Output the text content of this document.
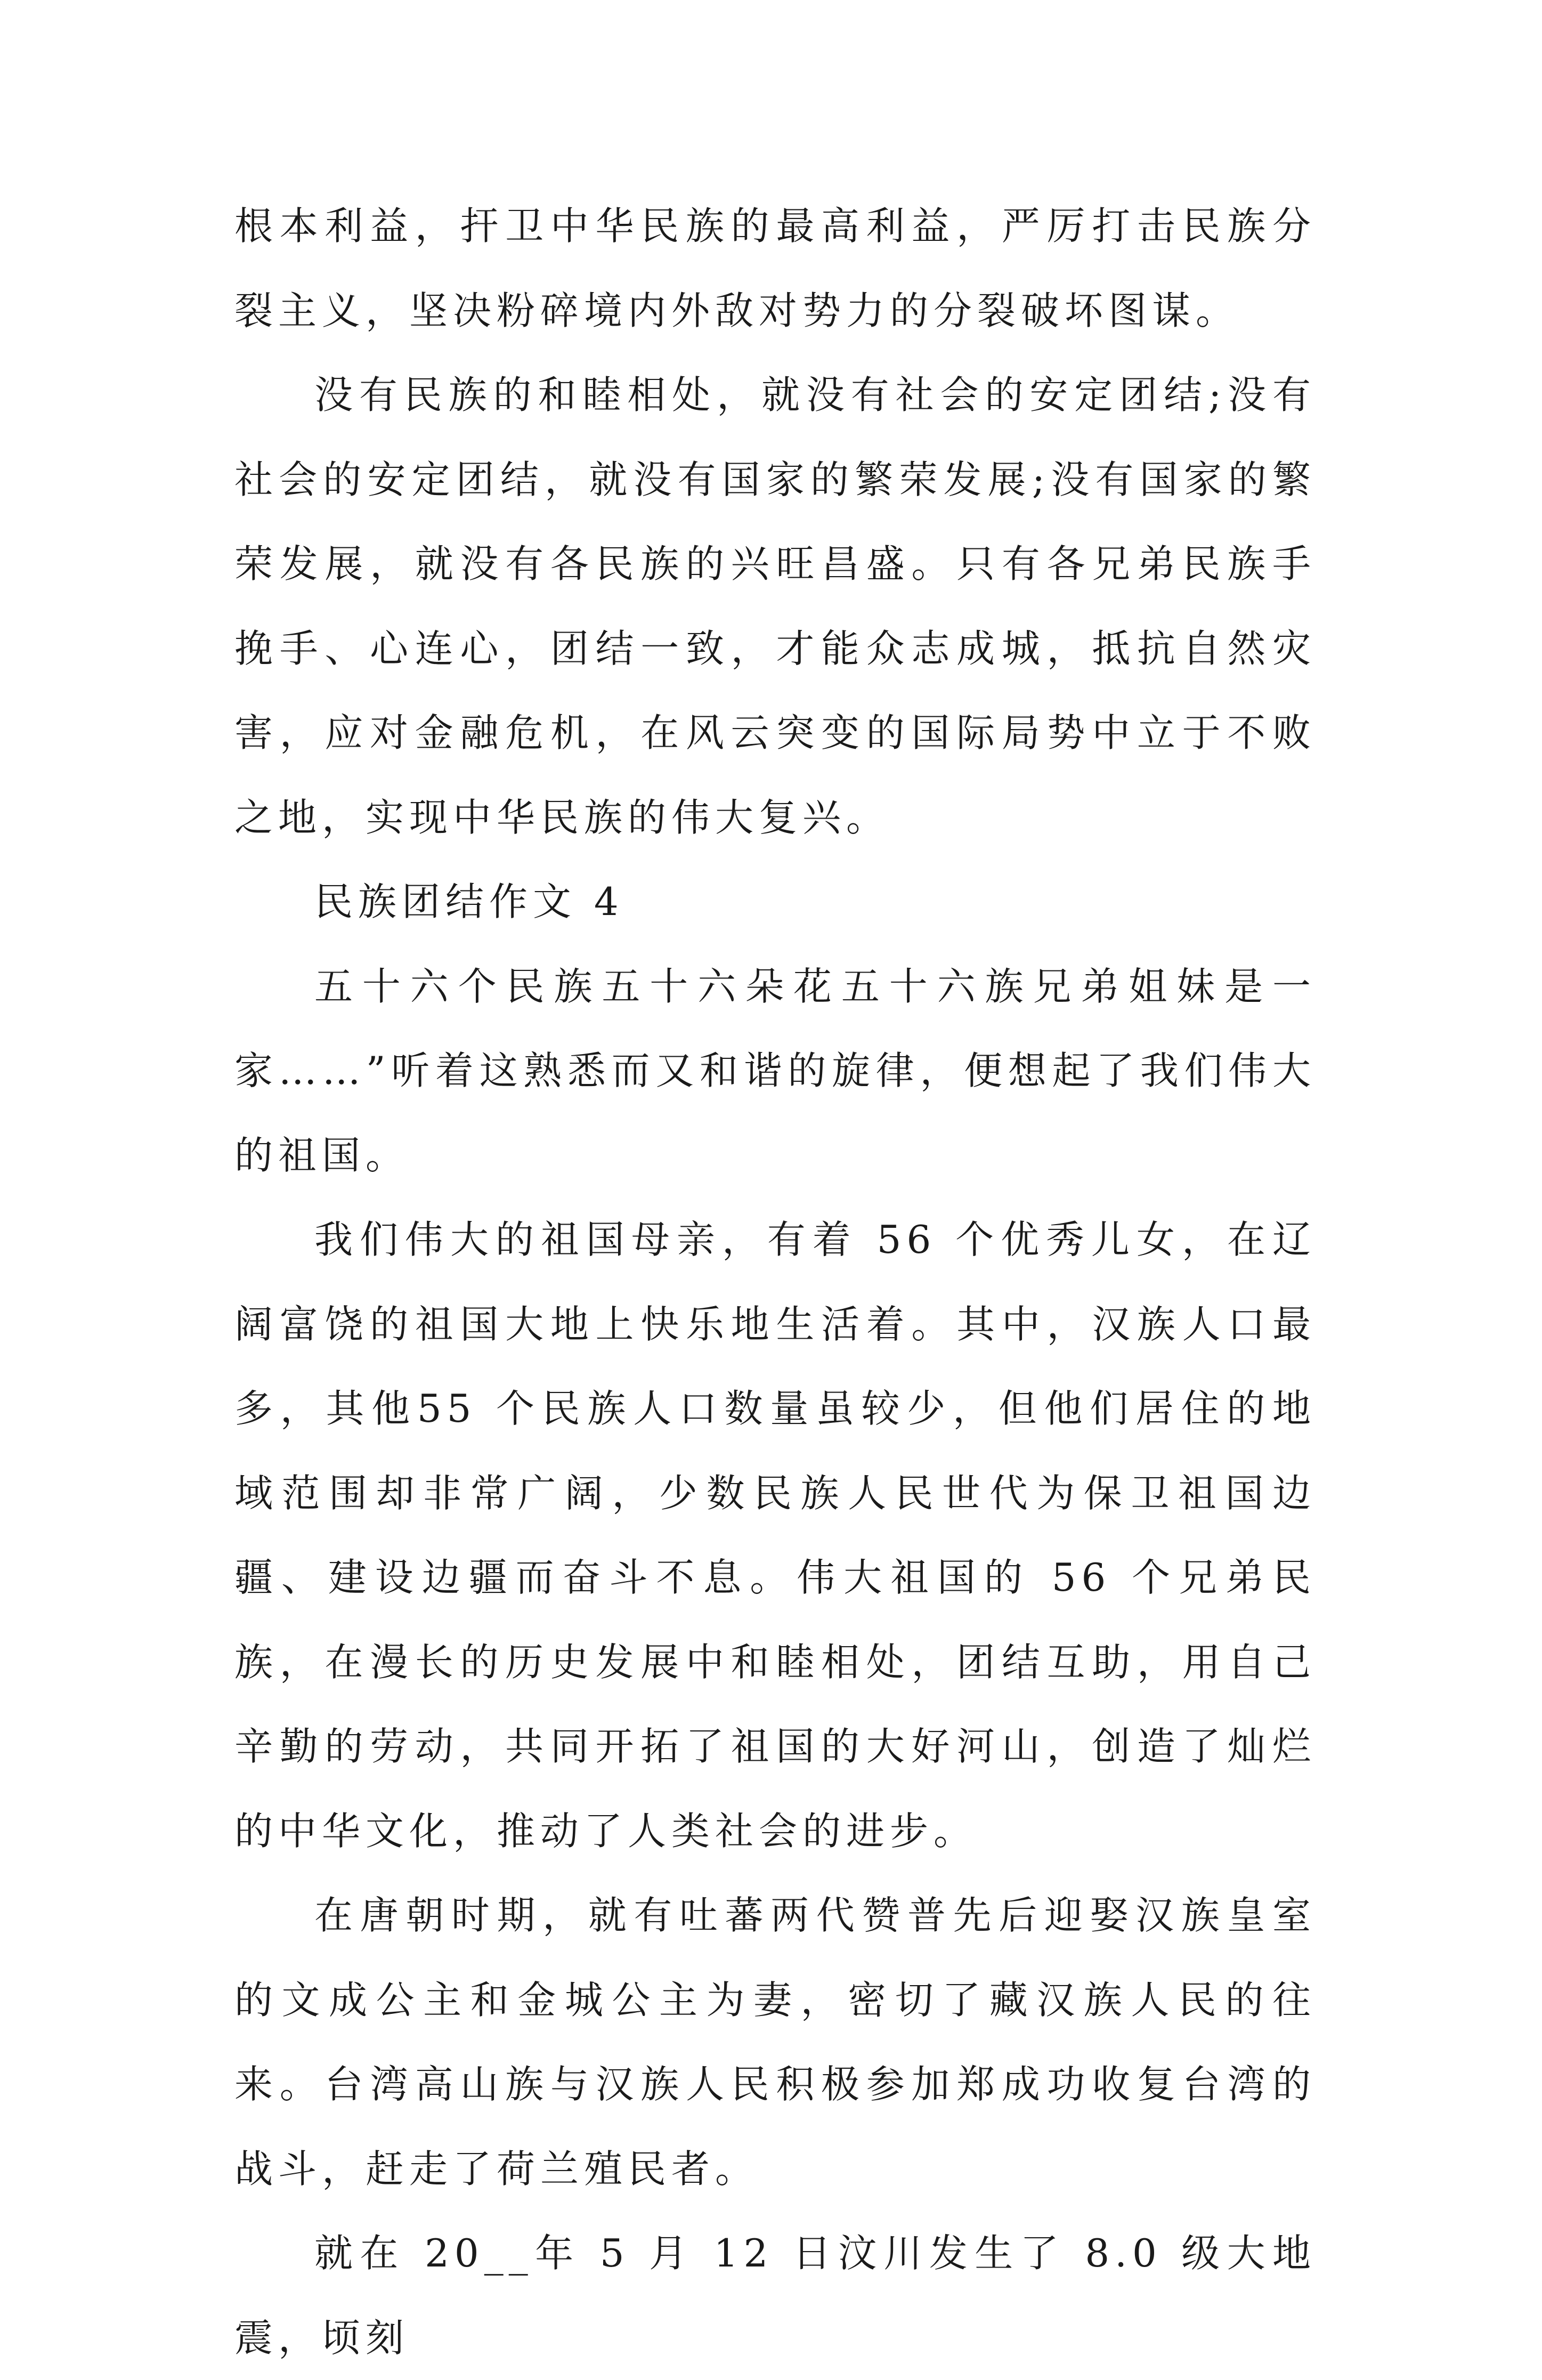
根本利益，扞卫中华民族的最高利益，严厉打击民族分裂主义，坚决粉碎境内外敌对势力的分裂破坏图谋。

没有民族的和睦相处，就没有社会的安定团结;没有社会的安定团结，就没有国家的繁荣发展;没有国家的繁荣发展，就没有各民族的兴旺昌盛。只有各兄弟民族手挽手、心连心，团结一致，才能众志成城，抵抗自然灾害，应对金融危机，在风云突变的国际局势中立于不败之地，实现中华民族的伟大复兴。

民族团结作文 4

五十六个民族五十六朵花五十六族兄弟姐妹是一家……”听着这熟悉而又和谐的旋律，便想起了我们伟大的祖国。

我们伟大的祖国母亲，有着 56 个优秀儿女，在辽阔富饶的祖国大地上快乐地生活着。其中，汉族人口最多，其他55 个民族人口数量虽较少，但他们居住的地域范围却非常广阔，少数民族人民世代为保卫祖国边疆、建设边疆而奋斗不息。伟大祖国的 56 个兄弟民族，在漫长的历史发展中和睦相处，团结互助，用自己辛勤的劳动，共同开拓了祖国的大好河山，创造了灿烂的中华文化，推动了人类社会的进步。

在唐朝时期，就有吐蕃两代赞普先后迎娶汉族皇室的文成公主和金城公主为妻，密切了藏汉族人民的往来。台湾高山族与汉族人民积极参加郑成功收复台湾的战斗，赶走了荷兰殖民者。

就在 20__年 5 月 12 日汶川发生了 8.0 级大地震，顷刻
